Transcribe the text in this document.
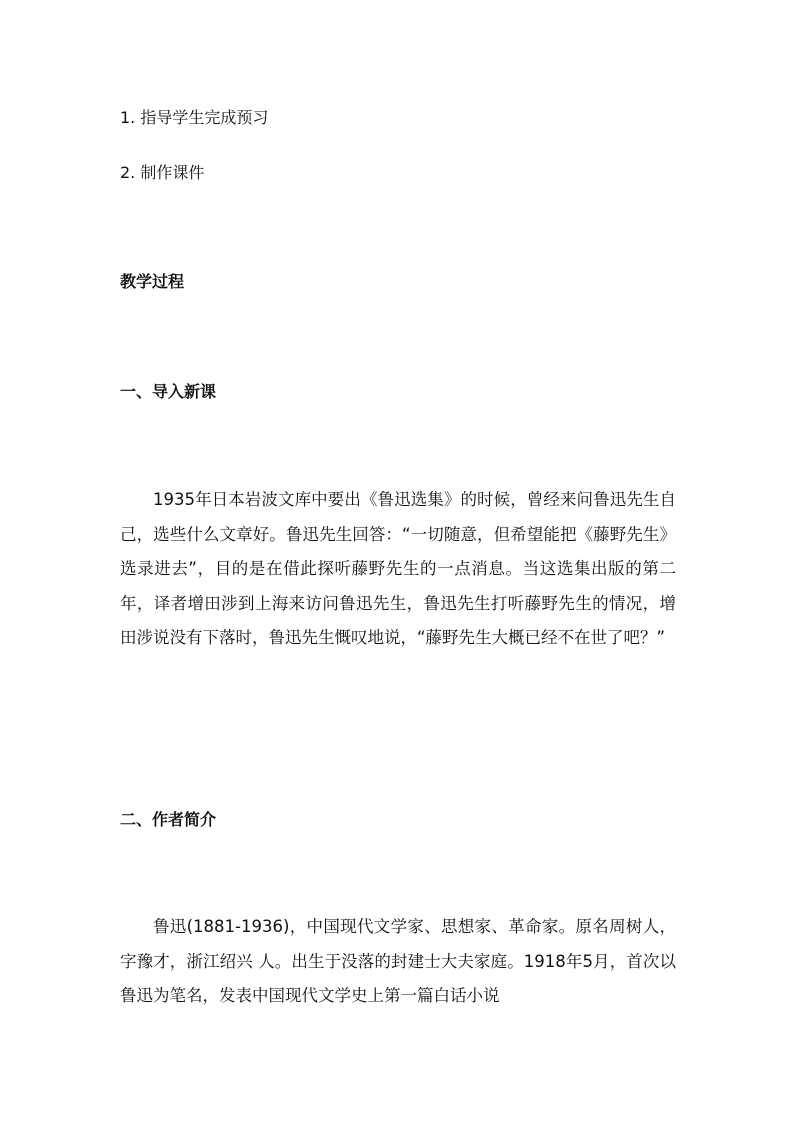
1. 指导学生完成预习
2. 制作课件
教学过程
一、导入新课

1935年日本岩波文库中要出《鲁迅选集》的时候，曾经来问鲁迅先生自己，选些什么文章好。鲁迅先生回答：“一切随意，但希望能把《藤野先生》选录进去”，目的是在借此探听藤野先生的一点消息。当这选集出版的第二年，译者增田涉到上海来访问鲁迅先生，鲁迅先生打听藤野先生的情况，增田涉说没有下落时，鲁迅先生慨叹地说，“藤野先生大概已经不在世了吧？”

二、作者简介

鲁迅(1881-1936)，中国现代文学家、思想家、革命家。原名周树人，字豫才，浙江绍兴 人。出生于没落的封建士大夫家庭。1918年5月，首次以鲁迅为笔名，发表中国现代文学史上第一篇白话小说
